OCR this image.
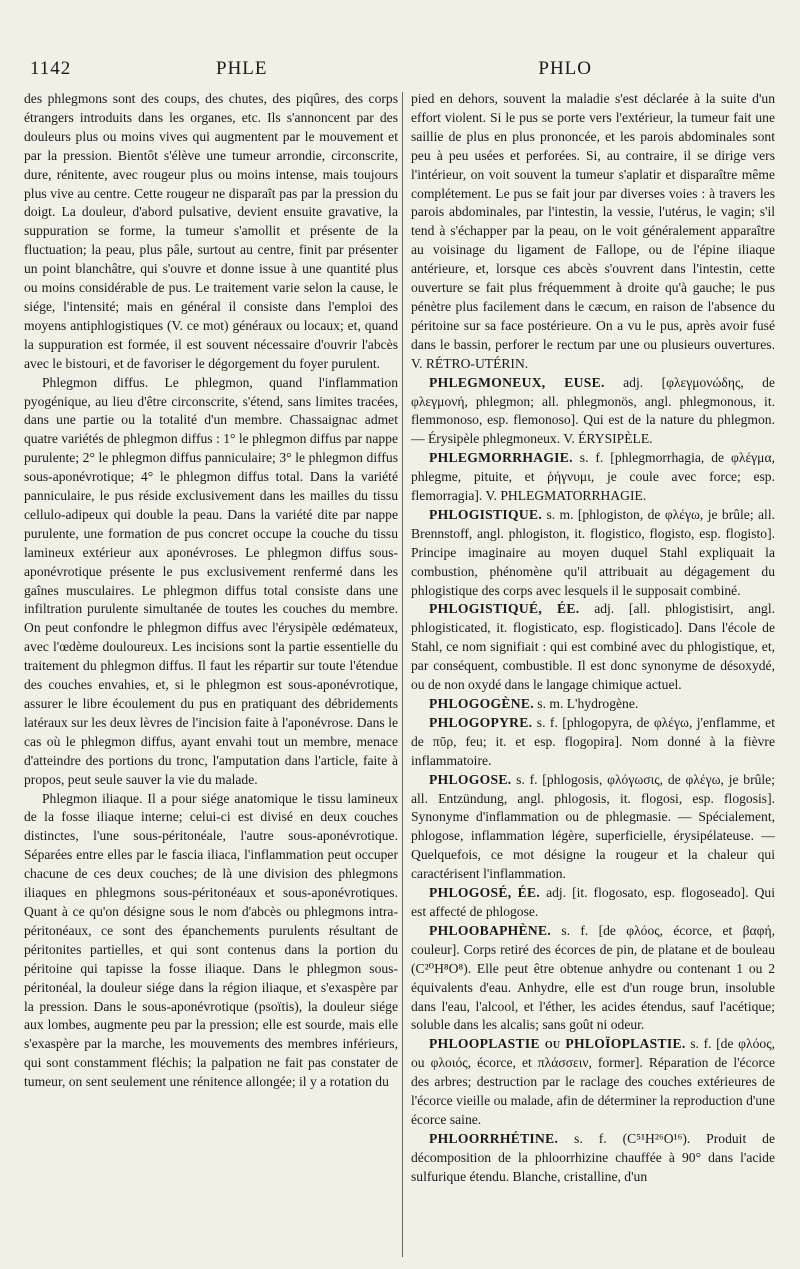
1142	PHLE	PHLO

des phlegmons sont des coups, des chutes, des piqûres, des corps étrangers introduits dans les organes, etc. Ils s'annoncent par des douleurs plus ou moins vives qui augmentent par le mouvement et par la pression. Bientôt s'élève une tumeur arrondie, circonscrite, dure, rénitente, avec rougeur plus ou moins intense, mais toujours plus vive au centre. Cette rougeur ne disparaît pas par la pression du doigt. La douleur, d'abord pulsative, devient ensuite gravative, la suppuration se forme, la tumeur s'amollit et présente de la fluctuation; la peau, plus pâle, surtout au centre, finit par présenter un point blanchâtre, qui s'ouvre et donne issue à une quantité plus ou moins considérable de pus. Le traitement varie selon la cause, le siége, l'intensité; mais en général il consiste dans l'emploi des moyens antiphlogistiques (V. ce mot) généraux ou locaux; et, quand la suppuration est formée, il est souvent nécessaire d'ouvrir l'abcès avec le bistouri, et de favoriser le dégorgement du foyer purulent.

Phlegmon diffus. Le phlegmon, quand l'inflammation pyogénique, au lieu d'être circonscrite, s'étend, sans limites tracées, dans une partie ou la totalité d'un membre. Chassaignac admet quatre variétés de phlegmon diffus : 1° le phlegmon diffus par nappe purulente; 2° le phlegmon diffus panniculaire; 3° le phlegmon diffus sous-aponévrotique; 4° le phlegmon diffus total. Dans la variété panniculaire, le pus réside exclusivement dans les mailles du tissu cellulo-adipeux qui double la peau. Dans la variété dite par nappe purulente, une formation de pus concret occupe la couche du tissu lamineux extérieur aux aponévroses. Le phlegmon diffus sous-aponévrotique présente le pus exclusivement renfermé dans les gaînes musculaires. Le phlegmon diffus total consiste dans une infiltration purulente simultanée de toutes les couches du membre. On peut confondre le phlegmon diffus avec l'érysipèle œdémateux, avec l'œdème douloureux. Les incisions sont la partie essentielle du traitement du phlegmon diffus. Il faut les répartir sur toute l'étendue des couches envahies, et, si le phlegmon est sous-aponévrotique, assurer le libre écoulement du pus en pratiquant des débridements latéraux sur les deux lèvres de l'incision faite à l'aponévrose. Dans le cas où le phlegmon diffus, ayant envahi tout un membre, menace d'atteindre des portions du tronc, l'amputation dans l'article, faite à propos, peut seule sauver la vie du malade.

Phlegmon iliaque. Il a pour siége anatomique le tissu lamineux de la fosse iliaque interne; celui-ci est divisé en deux couches distinctes, l'une sous-péritonéale, l'autre sous-aponévrotique. Séparées entre elles par le fascia iliaca, l'inflammation peut occuper chacune de ces deux couches; de là une division des phlegmons iliaques en phlegmons sous-péritonéaux et sous-aponévrotiques. Quant à ce qu'on désigne sous le nom d'abcès ou phlegmons intra-péritonéaux, ce sont des épanchements purulents résultant de péritonites partielles, et qui sont contenus dans la portion du péritoine qui tapisse la fosse iliaque. Dans le phlegmon sous-péritonéal, la douleur siége dans la région iliaque, et s'exaspère par la pression. Dans le sous-aponévrotique (psoïtis), la douleur siége aux lombes, augmente peu par la pression; elle est sourde, mais elle s'exaspère par la marche, les mouvements des membres inférieurs, qui sont constamment fléchis; la palpation ne fait pas constater de tumeur, on sent seulement une rénitence allongée; il y a rotation du

pied en dehors, souvent la maladie s'est déclarée à la suite d'un effort violent. Si le pus se porte vers l'extérieur, la tumeur fait une saillie de plus en plus prononcée, et les parois abdominales sont peu à peu usées et perforées. Si, au contraire, il se dirige vers l'intérieur, on voit souvent la tumeur s'aplatir et disparaître même complétement. Le pus se fait jour par diverses voies : à travers les parois abdominales, par l'intestin, la vessie, l'utérus, le vagin; s'il tend à s'échapper par la peau, on le voit généralement apparaître au voisinage du ligament de Fallope, ou de l'épine iliaque antérieure, et, lorsque ces abcès s'ouvrent dans l'intestin, cette ouverture se fait plus fréquemment à droite qu'à gauche; le pus pénètre plus facilement dans le cæcum, en raison de l'absence du péritoine sur sa face postérieure. On a vu le pus, après avoir fusé dans le bassin, perforer le rectum par une ou plusieurs ouvertures. V. RÉTRO-UTÉRIN.

PHLEGMONEUX, EUSE. adj. [φλεγμονώδης, de φλεγμονή, phlegmon; all. phlegmonös, angl. phlegmonous, it. flemmonoso, esp. flemonoso]. Qui est de la nature du phlegmon. — Érysipèle phlegmoneux. V. ÉRYSIPÈLE.

PHLEGMORRHAGIE. s. f. [phlegmorrhagia, de φλέγμα, phlegme, pituite, et ῥήγνυμι, je coule avec force; esp. flemorragia]. V. PHLEGMATORRHAGIE.

PHLOGISTIQUE. s. m. [phlogiston, de φλέγω, je brûle; all. Brennstoff, angl. phlogiston, it. flogistico, flogisto, esp. flogisto]. Principe imaginaire au moyen duquel Stahl expliquait la combustion, phénomène qu'il attribuait au dégagement du phlogistique des corps avec lesquels il le supposait combiné.

PHLOGISTIQUÉ, ÉE. adj. [all. phlogistisirt, angl. phlogisticated, it. flogisticato, esp. flogisticado]. Dans l'école de Stahl, ce nom signifiait : qui est combiné avec du phlogistique, et, par conséquent, combustible. Il est donc synonyme de désoxydé, ou de non oxydé dans le langage chimique actuel.

PHLOGOGÈNE. s. m. L'hydrogène.

PHLOGOPYRE. s. f. [phlogopyra, de φλέγω, j'enflamme, et de πῦρ, feu; it. et esp. flogopira]. Nom donné à la fièvre inflammatoire.

PHLOGOSE. s. f. [phlogosis, φλόγωσις, de φλέγω, je brûle; all. Entzündung, angl. phlogosis, it. flogosi, esp. flogosis]. Synonyme d'inflammation ou de phlegmasie. — Spécialement, phlogose, inflammation légère, superficielle, érysipélateuse. — Quelquefois, ce mot désigne la rougeur et la chaleur qui caractérisent l'inflammation.

PHLOGOSÉ, ÉE. adj. [it. flogosato, esp. flogoseado]. Qui est affecté de phlogose.

PHLOOBAPHÈNE. s. f. [de φλόος, écorce, et βαφή, couleur]. Corps retiré des écorces de pin, de platane et de bouleau (C²⁰H⁸O⁸). Elle peut être obtenue anhydre ou contenant 1 ou 2 équivalents d'eau. Anhydre, elle est d'un rouge brun, insoluble dans l'eau, l'alcool, et l'éther, les acides étendus, sauf l'acétique; soluble dans les alcalis; sans goût ni odeur.

PHLOOPLASTIE ou PHLOÏOPLASTIE. s. f. [de φλόος, ou φλοιός, écorce, et πλάσσειν, former]. Réparation de l'écorce des arbres; destruction par le raclage des couches extérieures de l'écorce vieille ou malade, afin de déterminer la reproduction d'une écorce saine.

PHLOORRHÉTINE. s. f. (C⁵¹H²⁶O¹⁶). Produit de décomposition de la phloorrhizine chauffée à 90° dans l'acide sulfurique étendu. Blanche, cristalline, d'un
